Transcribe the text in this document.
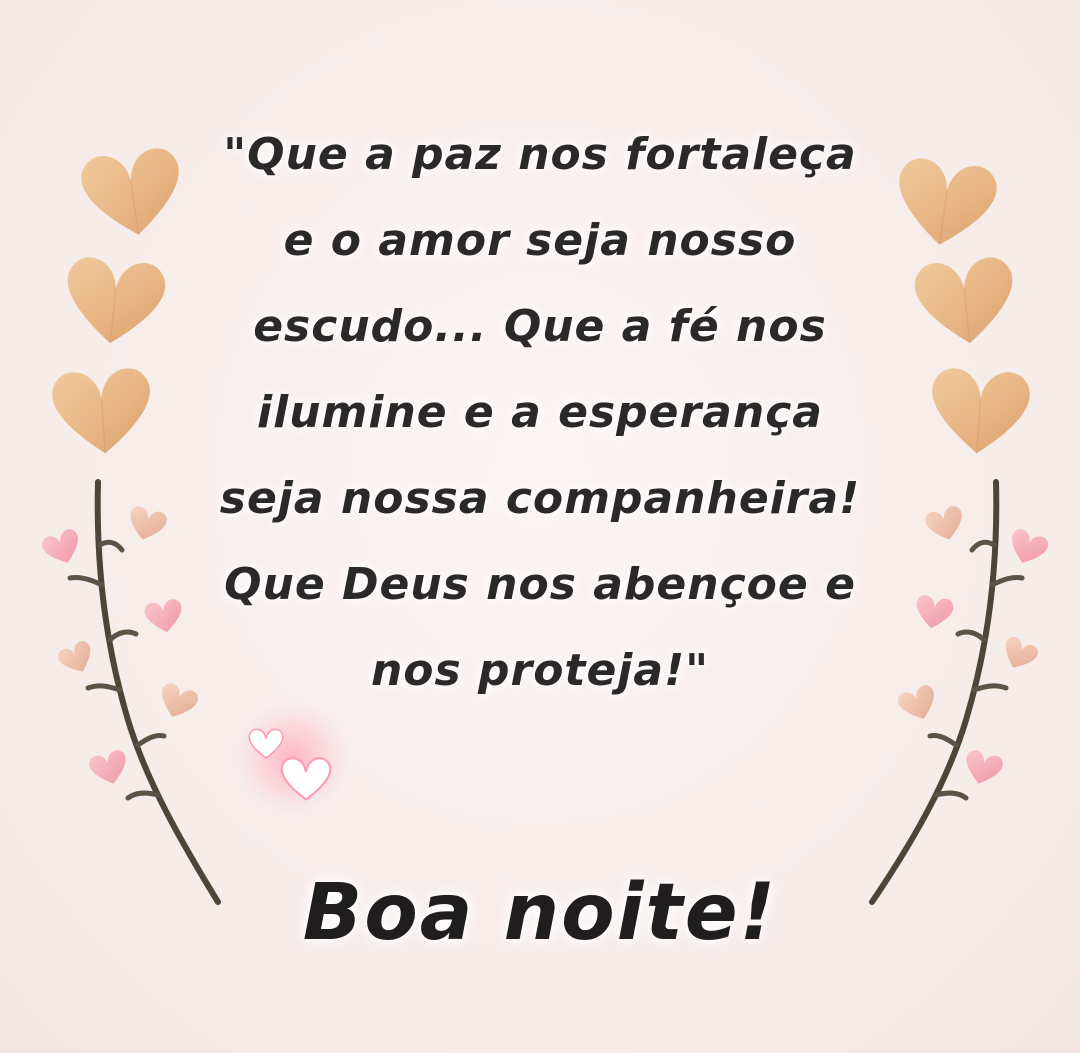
"Que a paz nos fortaleça
e o amor seja nosso
escudo... Que a fé nos
ilumine e a esperança
seja nossa companheira!
Que Deus nos abençoe e
nos proteja!"

Boa noite!
